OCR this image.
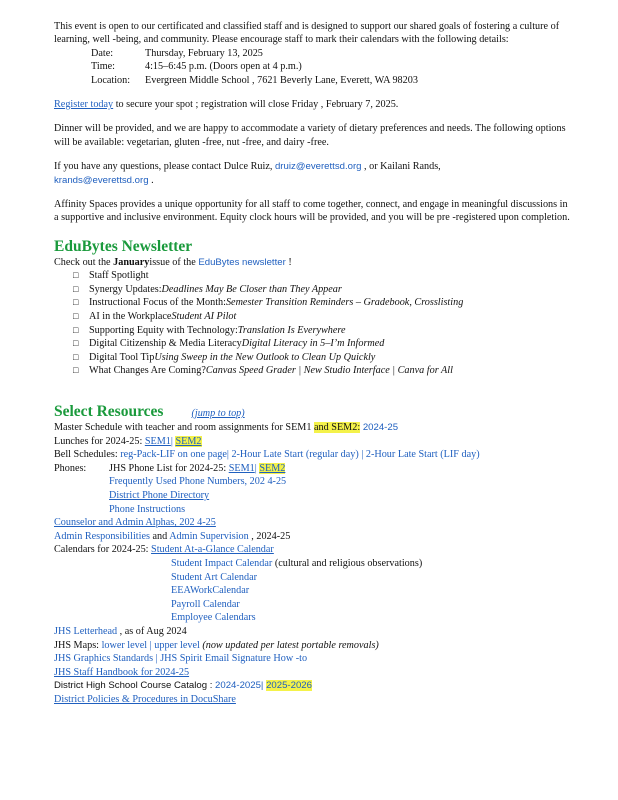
This event is open to our certificated and classified staff and is designed to support our shared goals of fostering a culture of learning, well -being, and community. Please encourage staff to mark their calendars with the following details:

Date:	Thursday, February 13, 2025
Time:	4:15–6:45 p.m. (Doors open at 4 p.m.)
Location:	Evergreen Middle School , 7621 Beverly Lane, Everett, WA 98203

Register today to secure your spot ; registration will close Friday , February 7, 2025.

Dinner will be provided, and we are happy to accommodate a variety of dietary preferences and needs. The following options will be available: vegetarian, gluten -free, nut -free, and dairy -free.

If you have any questions, please contact Dulce Ruiz, druiz@everettsd.org , or Kailani Rands,
krands@everettsd.org .

Affinity Spaces provides a unique opportunity for all staff to come together, connect, and engage in meaningful discussions in a supportive and inclusive environment. Equity clock hours will be provided, and you will be pre -registered upon completion.

EduBytes Newsletter

Check out the Januaryissue of the EduBytes newsletter !

□
Staff Spotlight
□
Synergy Updates: Deadlines May Be Closer than They Appear
□
Instructional Focus of the Month: Semester Transition Reminders – Gradebook, Crosslisting
□
AI in the Workplace Student AI Pilot
□
Supporting Equity with Technology: Translation Is Everywhere
□
Digital Citizenship & Media Literacy Digital Literacy in 5–I’m Informed
□
Digital Tool Tip Using Sweep in the New Outlook to Clean Up Quickly
□
What Changes Are Coming? Canvas Speed Grader | New Studio Interface | Canva for All
Select Resources	(jump to top)
Master Schedule with teacher and room assignments for SEM1 and SEM2: 2024-25
Lunches for 2024-25: SEM1| SEM2
Bell Schedules: reg-Pack-LIF on one page| 2-Hour Late Start (regular day) | 2-Hour Late Start (LIF day)
Phones: JHS Phone List for 2024-25: SEM1| SEM2
Frequently Used Phone Numbers, 202 4-25
District Phone Directory
Phone Instructions
Counselor and Admin Alphas, 202 4-25
Admin Responsibilities and Admin Supervision , 2024-25
Calendars for 2024-25: Student At-a-Glance Calendar
Student Impact Calendar (cultural and religious observations)
Student Art Calendar
EEAWorkCalendar
Payroll Calendar
Employee Calendars
JHS Letterhead , as of Aug 2024
JHS Maps: lower level | upper level (now updated per latest portable removals)
JHS Graphics Standards | JHS Spirit Email Signature How -to
JHS Staff Handbook for 2024-25
District High School Course Catalog : 2024-2025| 2025-2026
District Policies & Procedures in DocuShare
